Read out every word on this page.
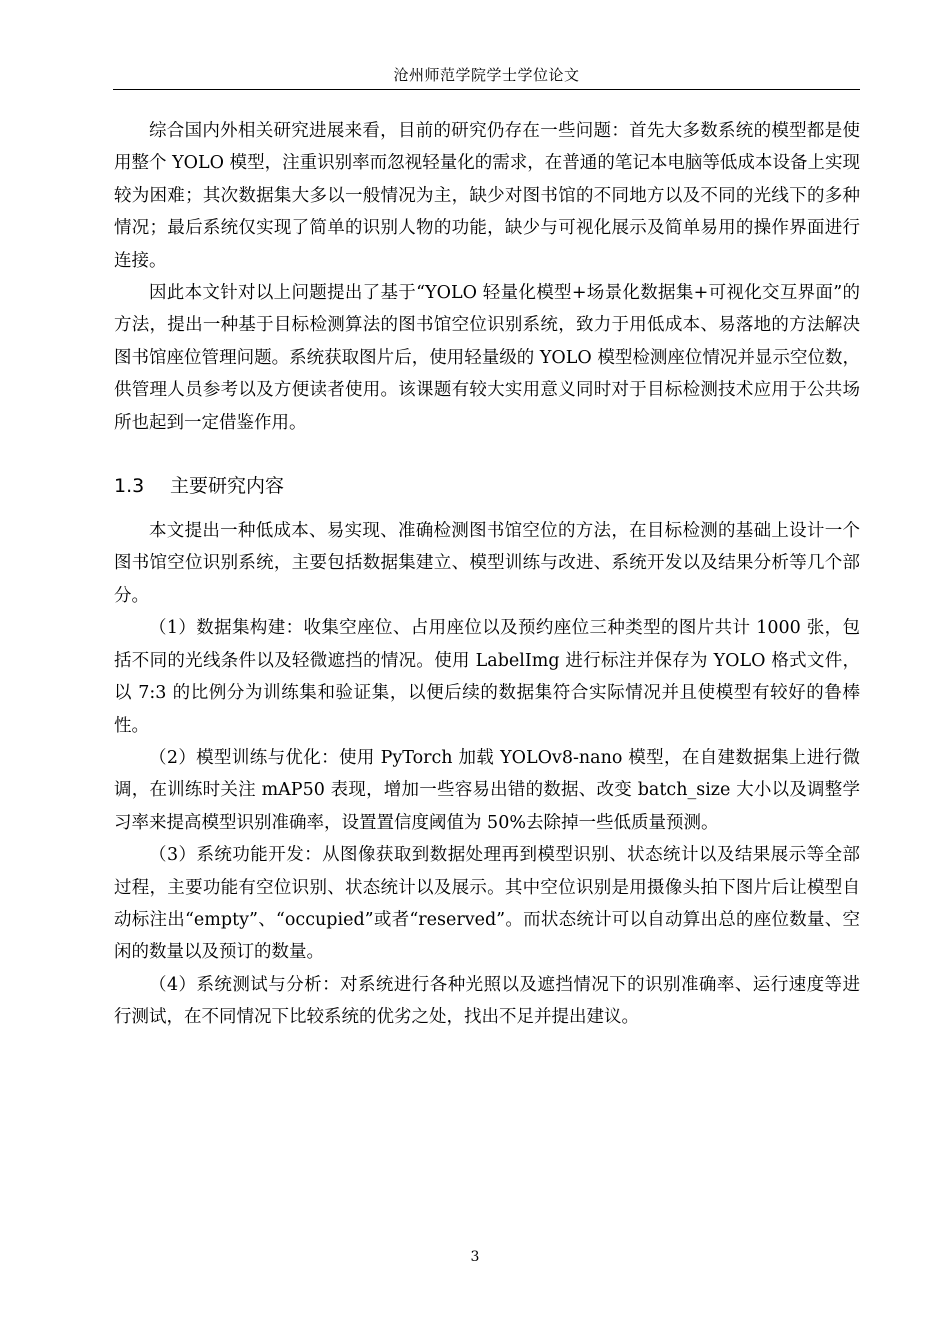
沧州师范学院学士学位论文

综合国内外相关研究进展来看，目前的研究仍存在一些问题：首先大多数系统的模型都是使用整个 YOLO 模型，注重识别率而忽视轻量化的需求，在普通的笔记本电脑等低成本设备上实现较为困难；其次数据集大多以一般情况为主，缺少对图书馆的不同地方以及不同的光线下的多种情况；最后系统仅实现了简单的识别人物的功能，缺少与可视化展示及简单易用的操作界面进行连接。

因此本文针对以上问题提出了基于“YOLO 轻量化模型+场景化数据集+可视化交互界面”的方法，提出一种基于目标检测算法的图书馆空位识别系统，致力于用低成本、易落地的方法解决图书馆座位管理问题。系统获取图片后，使用轻量级的 YOLO 模型检测座位情况并显示空位数，供管理人员参考以及方便读者使用。该课题有较大实用意义同时对于目标检测技术应用于公共场所也起到一定借鉴作用。

1.3 主要研究内容

本文提出一种低成本、易实现、准确检测图书馆空位的方法，在目标检测的基础上设计一个图书馆空位识别系统，主要包括数据集建立、模型训练与改进、系统开发以及结果分析等几个部分。

（1）数据集构建：收集空座位、占用座位以及预约座位三种类型的图片共计 1000 张，包括不同的光线条件以及轻微遮挡的情况。使用 LabelImg 进行标注并保存为 YOLO 格式文件，以 7:3 的比例分为训练集和验证集，以便后续的数据集符合实际情况并且使模型有较好的鲁棒性。

（2）模型训练与优化：使用 PyTorch 加载 YOLOv8-nano 模型，在自建数据集上进行微调，在训练时关注 mAP50 表现，增加一些容易出错的数据、改变 batch_size 大小以及调整学习率来提高模型识别准确率，设置置信度阈值为 50%去除掉一些低质量预测。

（3）系统功能开发：从图像获取到数据处理再到模型识别、状态统计以及结果展示等全部过程，主要功能有空位识别、状态统计以及展示。其中空位识别是用摄像头拍下图片后让模型自动标注出“empty”、“occupied”或者“reserved”。而状态统计可以自动算出总的座位数量、空闲的数量以及预订的数量。

（4）系统测试与分析：对系统进行各种光照以及遮挡情况下的识别准确率、运行速度等进行测试，在不同情况下比较系统的优劣之处，找出不足并提出建议。

3
